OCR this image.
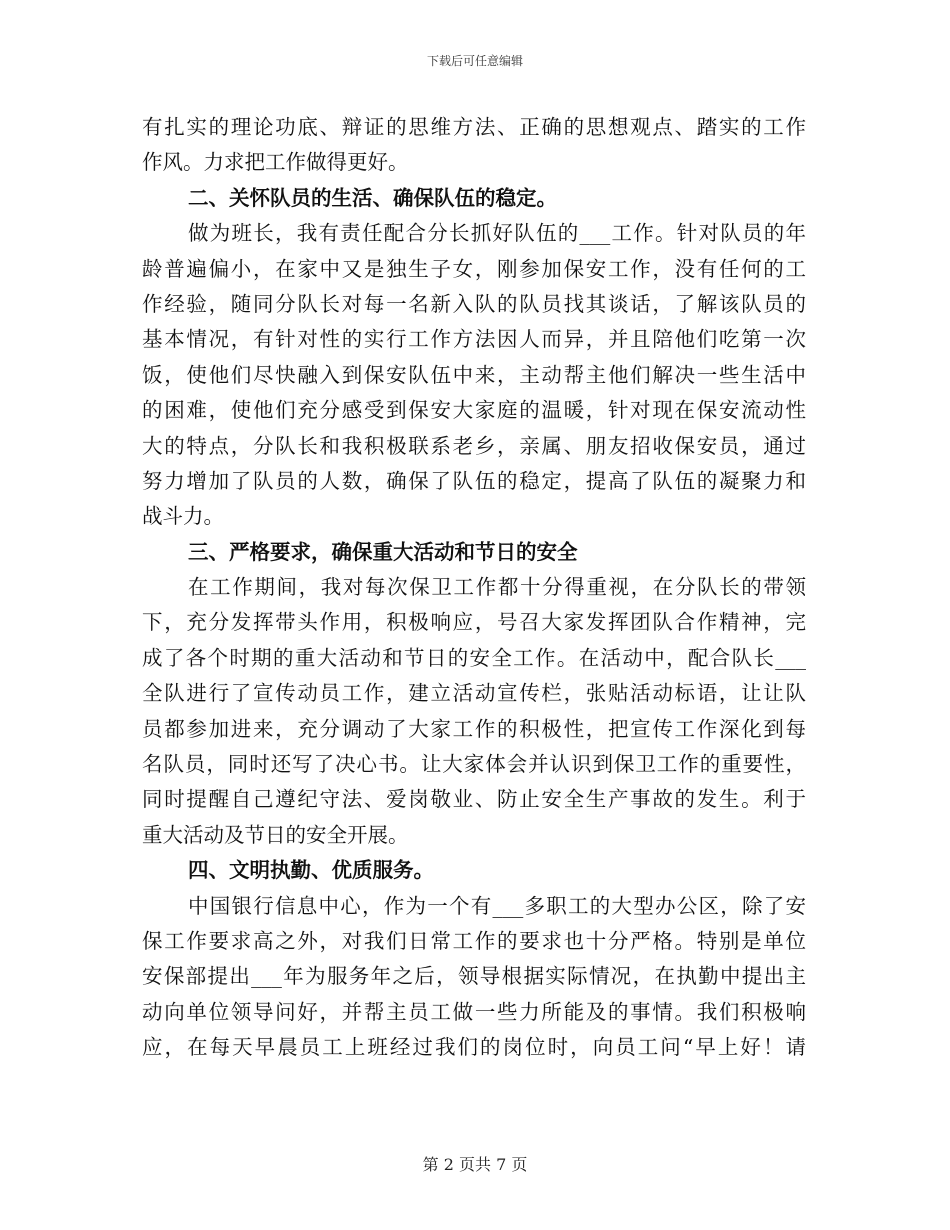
下载后可任意编辑
有扎实的理论功底、辩证的思维方法、正确的思想观点、踏实的工作
作风。力求把工作做得更好。
二、关怀队员的生活、确保队伍的稳定。
做为班长，我有责任配合分长抓好队伍的___工作。针对队员的年
龄普遍偏小，在家中又是独生子女，刚参加保安工作，没有任何的工
作经验，随同分队长对每一名新入队的队员找其谈话，了解该队员的
基本情况，有针对性的实行工作方法因人而异，并且陪他们吃第一次
饭，使他们尽快融入到保安队伍中来，主动帮主他们解决一些生活中
的困难，使他们充分感受到保安大家庭的温暖，针对现在保安流动性
大的特点，分队长和我积极联系老乡，亲属、朋友招收保安员，通过
努力增加了队员的人数，确保了队伍的稳定，提高了队伍的凝聚力和
战斗力。
三、严格要求，确保重大活动和节日的安全
在工作期间，我对每次保卫工作都十分得重视，在分队长的带领
下，充分发挥带头作用，积极响应，号召大家发挥团队合作精神，完
成了各个时期的重大活动和节日的安全工作。在活动中，配合队长___
全队进行了宣传动员工作，建立活动宣传栏，张贴活动标语，让让队
员都参加进来，充分调动了大家工作的积极性，把宣传工作深化到每
名队员，同时还写了决心书。让大家体会并认识到保卫工作的重要性，
同时提醒自己遵纪守法、爱岗敬业、防止安全生产事故的发生。利于
重大活动及节日的安全开展。
四、文明执勤、优质服务。
中国银行信息中心，作为一个有___多职工的大型办公区，除了安
保工作要求高之外，对我们日常工作的要求也十分严格。特别是单位
安保部提出___年为服务年之后，领导根据实际情况，在执勤中提出主
动向单位领导问好，并帮主员工做一些力所能及的事情。我们积极响
应，在每天早晨员工上班经过我们的岗位时，向员工问“早上好！请
第 2 页共 7 页
